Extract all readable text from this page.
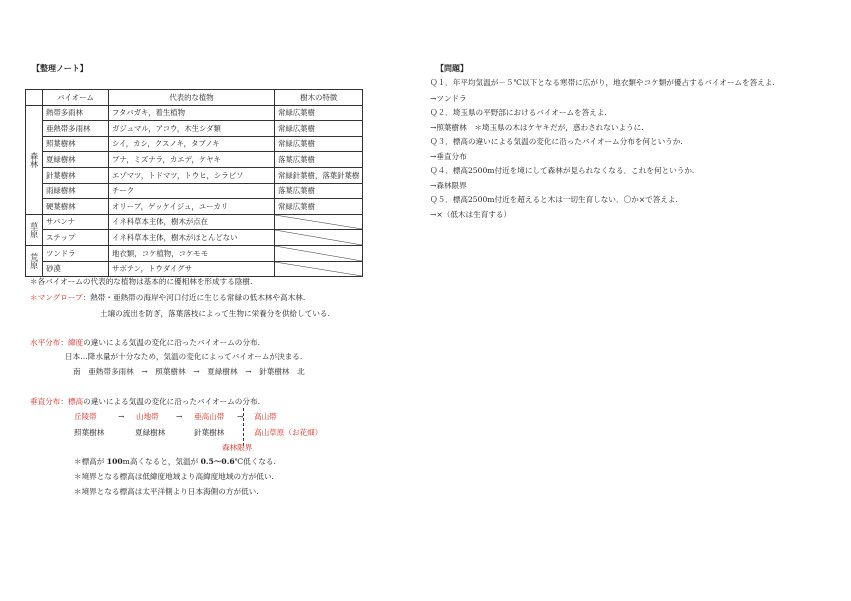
【整理ノート】
	バイオーム	代表的な植物	樹木の特徴
森林	熱帯多雨林	フタバガキ，着生植物	常緑広葉樹
	亜熱帯多雨林	ガジュマル，アコウ，木生シダ類	常緑広葉樹
	照葉樹林	シイ，カシ，クスノキ，タブノキ	常緑広葉樹
	夏緑樹林	ブナ，ミズナラ，カエデ，ケヤキ	落葉広葉樹
	針葉樹林	エゾマツ，トドマツ，トウヒ，シラビソ	常緑針葉樹，落葉針葉樹
	雨緑樹林	チーク	落葉広葉樹
	硬葉樹林	オリーブ，ゲッケイジュ，ユーカリ	常緑広葉樹
草原	サバンナ	イネ科草本主体，樹木が点在	
	ステップ	イネ科草本主体，樹木がほとんどない	
荒原	ツンドラ	地衣類，コケ植物，コケモモ	
	砂漠	サボテン，トウダイグサ	
＊各バイオームの代表的な植物は基本的に優相林を形成する陰樹.
＊マングローブ：熱帯・亜熱帯の海岸や河口付近に生じる常緑の低木林や高木林.
土壌の流出を防ぎ，落葉落枝によって生物に栄養分を供給している.
水平分布：緯度の違いによる気温の変化に沿ったバイオームの分布.
日本…降水量が十分なため，気温の変化によってバイオームが決まる.
南　亜熱帯多雨林　→　照葉樹林　→　夏緑樹林　→　針葉樹林　北
垂直分布：標高の違いによる気温の変化に沿ったバイオームの分布.
丘陵帯	→ 山地帯 → 亜高山帯 → 高山帯
照葉樹林	夏緑樹林	針葉樹林	高山草原（お花畑）
森林限界
＊標高が 100m高くなると，気温が 0.5～0.6℃低くなる.
＊境界となる標高は低緯度地域より高緯度地域の方が低い.
＊境界となる標高は太平洋側より日本海側の方が低い.
【問題】
Ｑ１．年平均気温が－５℃以下となる寒帯に広がり，地衣類やコケ類が優占するバイオームを答えよ.
→ツンドラ
Ｑ２．埼玉県の平野部におけるバイオームを答えよ.
→照葉樹林　＊埼玉県の木はケヤキだが，惑わされないように.
Ｑ３．標高の違いによる気温の変化に沿ったバイオーム分布を何というか.
→垂直分布
Ｑ４．標高2500m付近を境にして森林が見られなくなる．これを何というか.
→森林限界
Ｑ５．標高2500m付近を超えると木は一切生育しない．〇か×で答えよ.
→×（低木は生育する）
